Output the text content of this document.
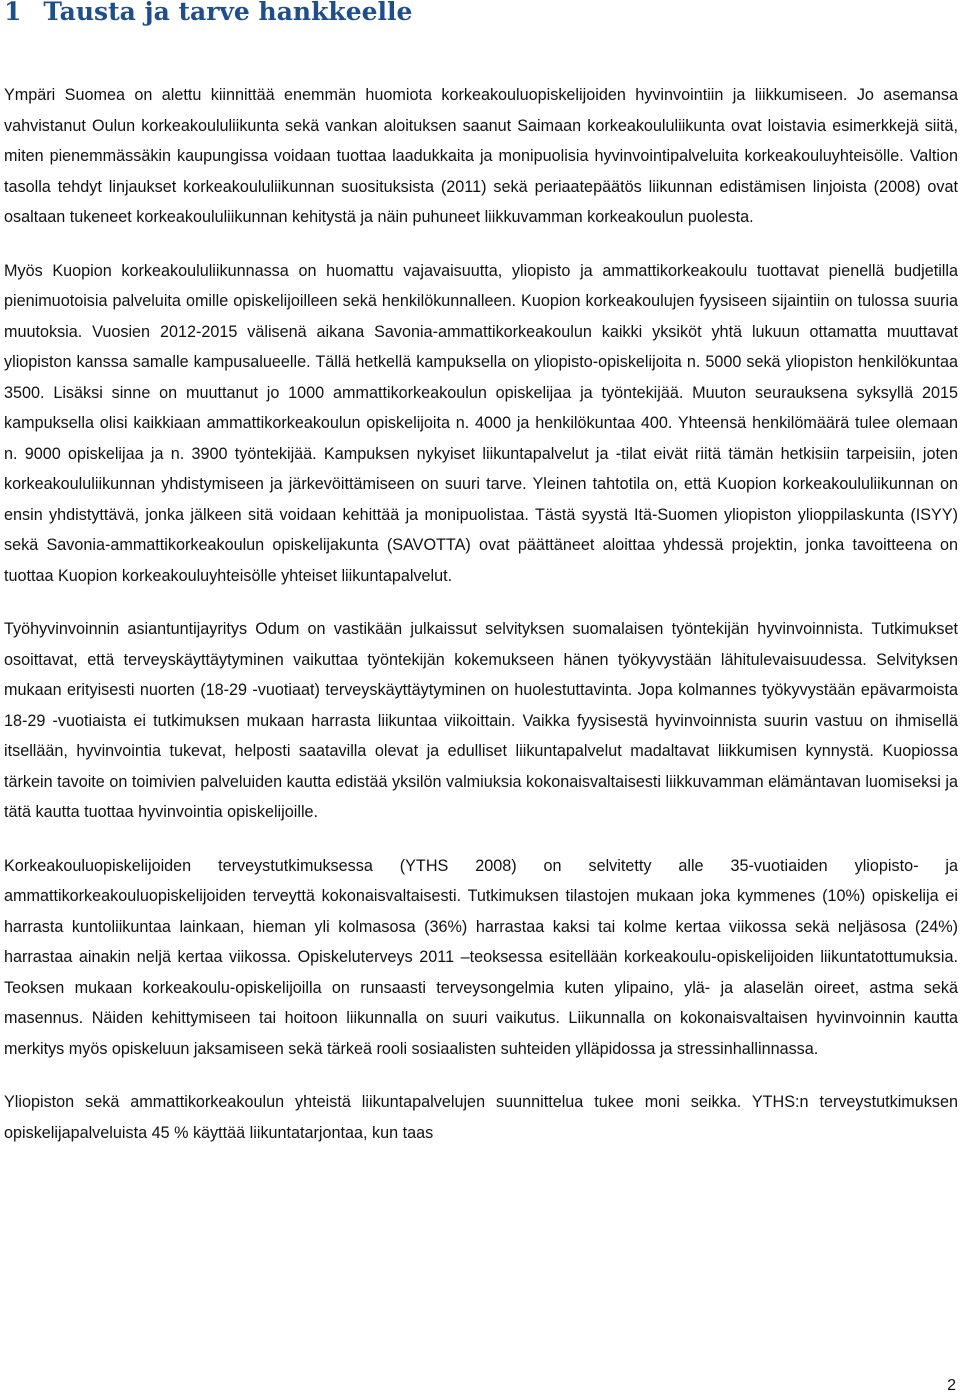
1 Tausta ja tarve hankkeelle

Ympäri Suomea on alettu kiinnittää enemmän huomiota korkeakouluopiskelijoiden hyvinvointiin ja liikkumiseen. Jo asemansa vahvistanut Oulun korkeakoululiikunta sekä vankan aloituksen saanut Saimaan korkeakoululiikunta ovat loistavia esimerkkejä siitä, miten pienemmässäkin kaupungissa voidaan tuottaa laadukkaita ja monipuolisia hyvinvointipalveluita korkeakouluyhteisölle. Valtion tasolla tehdyt linjaukset korkeakoululiikunnan suosituksista (2011) sekä periaatepäätös liikunnan edistämisen linjoista (2008) ovat osaltaan tukeneet korkeakoululiikunnan kehitystä ja näin puhuneet liikkuvamman korkeakoulun puolesta.

Myös Kuopion korkeakoululiikunnassa on huomattu vajavaisuutta, yliopisto ja ammattikorkeakoulu tuottavat pienellä budjetilla pienimuotoisia palveluita omille opiskelijoilleen sekä henkilökunnalleen. Kuopion korkeakoulujen fyysiseen sijaintiin on tulossa suuria muutoksia. Vuosien 2012-2015 välisenä aikana Savonia-ammattikorkeakoulun kaikki yksiköt yhtä lukuun ottamatta muuttavat yliopiston kanssa samalle kampusalueelle. Tällä hetkellä kampuksella on yliopisto-opiskelijoita n. 5000 sekä yliopiston henkilökuntaa 3500. Lisäksi sinne on muuttanut jo 1000 ammattikorkeakoulun opiskelijaa ja työntekijää. Muuton seurauksena syksyllä 2015 kampuksella olisi kaikkiaan ammattikorkeakoulun opiskelijoita n. 4000 ja henkilökuntaa 400. Yhteensä henkilömäärä tulee olemaan n. 9000 opiskelijaa ja n. 3900 työntekijää. Kampuksen nykyiset liikuntapalvelut ja -tilat eivät riitä tämän hetkisiin tarpeisiin, joten korkeakoululiikunnan yhdistymiseen ja järkevöittämiseen on suuri tarve. Yleinen tahtotila on, että Kuopion korkeakoululiikunnan on ensin yhdistyttävä, jonka jälkeen sitä voidaan kehittää ja monipuolistaa. Tästä syystä Itä-Suomen yliopiston ylioppilaskunta (ISYY) sekä Savonia-ammattikorkeakoulun opiskelijakunta (SAVOTTA) ovat päättäneet aloittaa yhdessä projektin, jonka tavoitteena on tuottaa Kuopion korkeakouluyhteisölle yhteiset liikuntapalvelut.

Työhyvinvoinnin asiantuntijayritys Odum on vastikään julkaissut selvityksen suomalaisen työntekijän hyvinvoinnista. Tutkimukset osoittavat, että terveyskäyttäytyminen vaikuttaa työntekijän kokemukseen hänen työkyvystään lähitulevaisuudessa. Selvityksen mukaan erityisesti nuorten (18-29 -vuotiaat) terveyskäyttäytyminen on huolestuttavinta. Jopa kolmannes työkyvystään epävarmoista 18-29 -vuotiaista ei tutkimuksen mukaan harrasta liikuntaa viikoittain. Vaikka fyysisestä hyvinvoinnista suurin vastuu on ihmisellä itsellään, hyvinvointia tukevat, helposti saatavilla olevat ja edulliset liikuntapalvelut madaltavat liikkumisen kynnystä. Kuopiossa tärkein tavoite on toimivien palveluiden kautta edistää yksilön valmiuksia kokonaisvaltaisesti liikkuvamman elämäntavan luomiseksi ja tätä kautta tuottaa hyvinvointia opiskelijoille.

Korkeakouluopiskelijoiden terveystutkimuksessa (YTHS 2008) on selvitetty alle 35-vuotiaiden yliopisto- ja ammattikorkeakouluopiskelijoiden terveyttä kokonaisvaltaisesti. Tutkimuksen tilastojen mukaan joka kymmenes (10%) opiskelija ei harrasta kuntoliikuntaa lainkaan, hieman yli kolmasosa (36%) harrastaa kaksi tai kolme kertaa viikossa sekä neljäsosa (24%) harrastaa ainakin neljä kertaa viikossa. Opiskeluterveys 2011 –teoksessa esitellään korkeakoulu-opiskelijoiden liikuntatottumuksia. Teoksen mukaan korkeakoulu-opiskelijoilla on runsaasti terveysongelmia kuten ylipaino, ylä- ja alaselän oireet, astma sekä masennus. Näiden kehittymiseen tai hoitoon liikunnalla on suuri vaikutus. Liikunnalla on kokonaisvaltaisen hyvinvoinnin kautta merkitys myös opiskeluun jaksamiseen sekä tärkeä rooli sosiaalisten suhteiden ylläpidossa ja stressinhallinnassa.

Yliopiston sekä ammattikorkeakoulun yhteistä liikuntapalvelujen suunnittelua tukee moni seikka. YTHS:n terveystutkimuksen opiskelijapalveluista 45 % käyttää liikuntatarjontaa, kun taas

2
